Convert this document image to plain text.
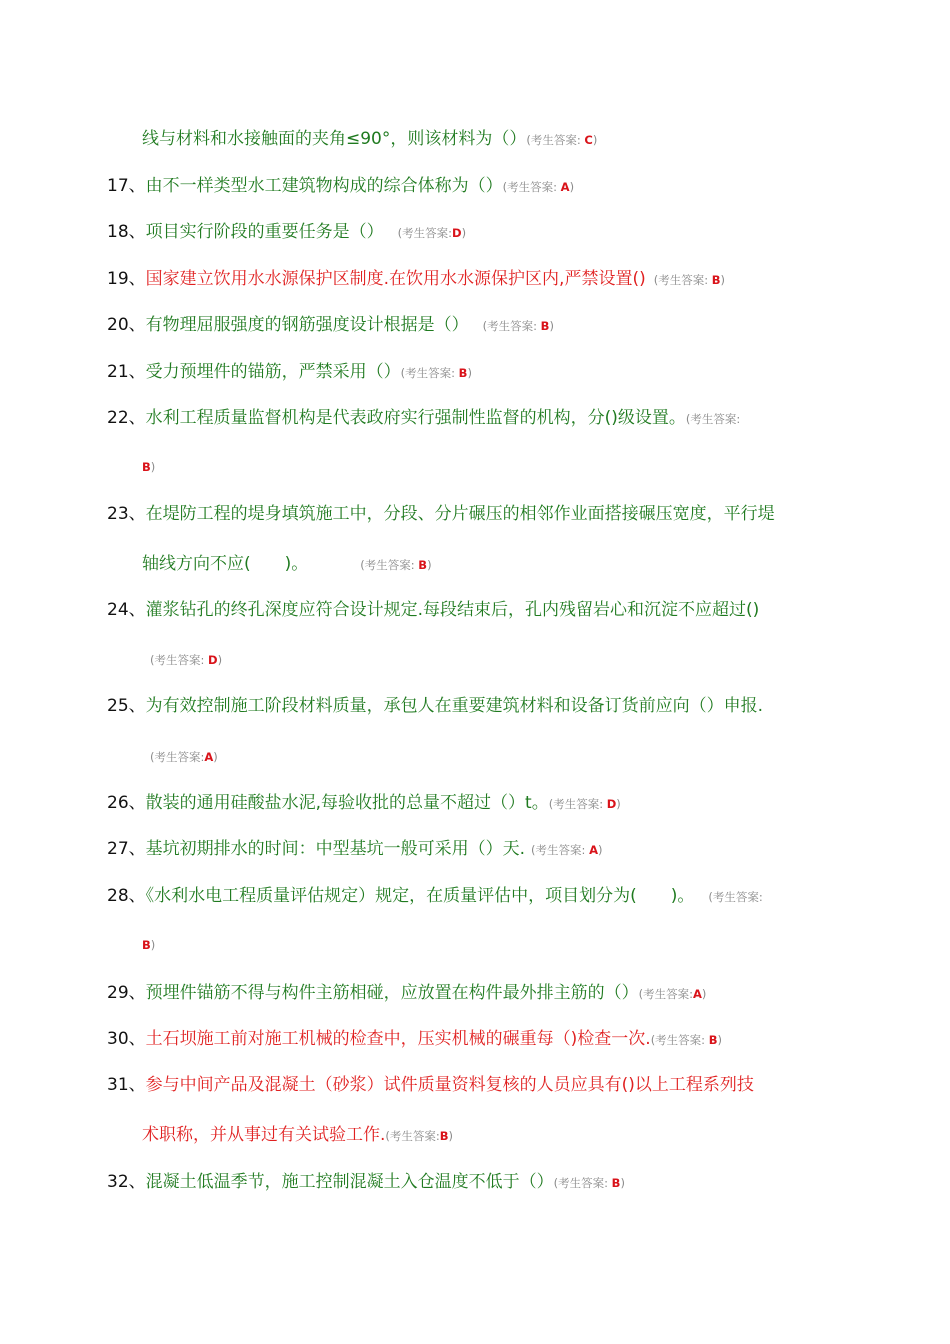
线与材料和水接触面的夹角≤90°，则该材料为（）(考生答案: C)
17、由不一样类型水工建筑物构成的综合体称为（）(考生答案: A)
18、项目实行阶段的重要任务是（） (考生答案:D)
19、国家建立饮用水水源保护区制度.在饮用水水源保护区内,严禁设置() (考生答案: B)
20、有物理屈服强度的钢筋强度设计根据是（） (考生答案: B)
21、受力预埋件的锚筋，严禁采用（）(考生答案: B)
22、水利工程质量监督机构是代表政府实行强制性监督的机构，分()级设置。(考生答案:
B)
23、在堤防工程的堤身填筑施工中，分段、分片碾压的相邻作业面搭接碾压宽度，平行堤
轴线方向不应(　　)。	(考生答案: B)
24、灌浆钻孔的终孔深度应符合设计规定.每段结束后，孔内残留岩心和沉淀不应超过()
(考生答案: D)
25、为有效控制施工阶段材料质量，承包人在重要建筑材料和设备订货前应向（）申报.
(考生答案:A)
26、散装的通用硅酸盐水泥,每验收批的总量不超过（）t。(考生答案: D)
27、基坑初期排水的时间：中型基坑一般可采用（）天. (考生答案: A)
28、《水利水电工程质量评估规定）规定，在质量评估中，项目划分为(　　)。 (考生答案:
B)
29、预埋件锚筋不得与构件主筋相碰，应放置在构件最外排主筋的（）(考生答案:A)
30、土石坝施工前对施工机械的检查中，压实机械的碾重每（)检查一次.(考生答案: B)
31、参与中间产品及混凝土（砂浆）试件质量资料复核的人员应具有()以上工程系列技
术职称，并从事过有关试验工作.(考生答案:B)
32、混凝土低温季节，施工控制混凝土入仓温度不低于（）(考生答案: B)
